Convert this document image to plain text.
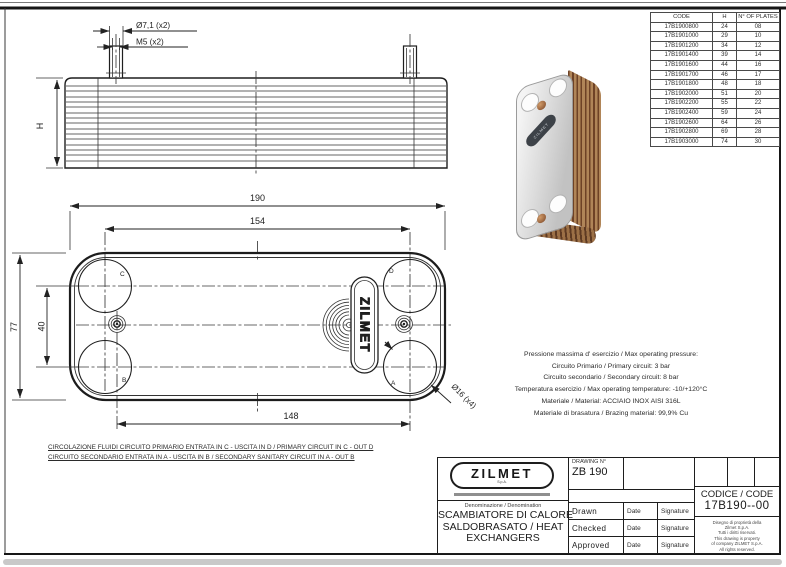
H
Ø7,1 (x2)
M5 (x2)
ZILMET
C	D
B	A
190
154
148
77 40
Ø16 (x4)
CODE	H	N° OF PLATES
17B1900800	24	08
17B1901000	29	10
17B1901200	34	12
17B1901400	39	14
17B1901600	44	16
17B1901700	46	17
17B1901800	48	18
17B1902000	51	20
17B1902200	55	22
17B1902400	59	24
17B1902600	64	26
17B1902800	69	28
17B1903000	74	30
ZILMET
Pressione massima d' esercizio / Max operating pressure:
Circuito Primario / Primary circuit: 3 bar
Circuito secondario / Secondary circuit: 8 bar
Temperatura esercizio / Max operating temperature: -10/+120°C
Materiale / Material: ACCIAIO INOX AISI 316L
Materiale di brasatura / Brazing material: 99,9% Cu
CIRCOLAZIONE FLUIDI CIRCUITO PRIMARIO ENTRATA IN C - USCITA IN D / PRIMARY CIRCUIT IN C - OUT D
CIRCUITO SECONDARIO ENTRATA IN A - USCITA IN B / SECONDARY SANITARY CIRCUIT IN A - OUT B
ZILMET
S.p.A.
Denominazione / Denomination
SCAMBIATORE DI CALORE
SALDOBRASATO / HEAT
EXCHANGERS
DRAWING N°
ZB 190
Drawn	Date	Signature
Checked	Date	Signature
Approved	Date	Signature
CODICE / CODE
17B190--00
Disegno di proprietà della
Zilmet S.p.A.
Tutti i diritti riservati.
This drawing is property
of company ZILMET S.p.A.
All rights reserved.
